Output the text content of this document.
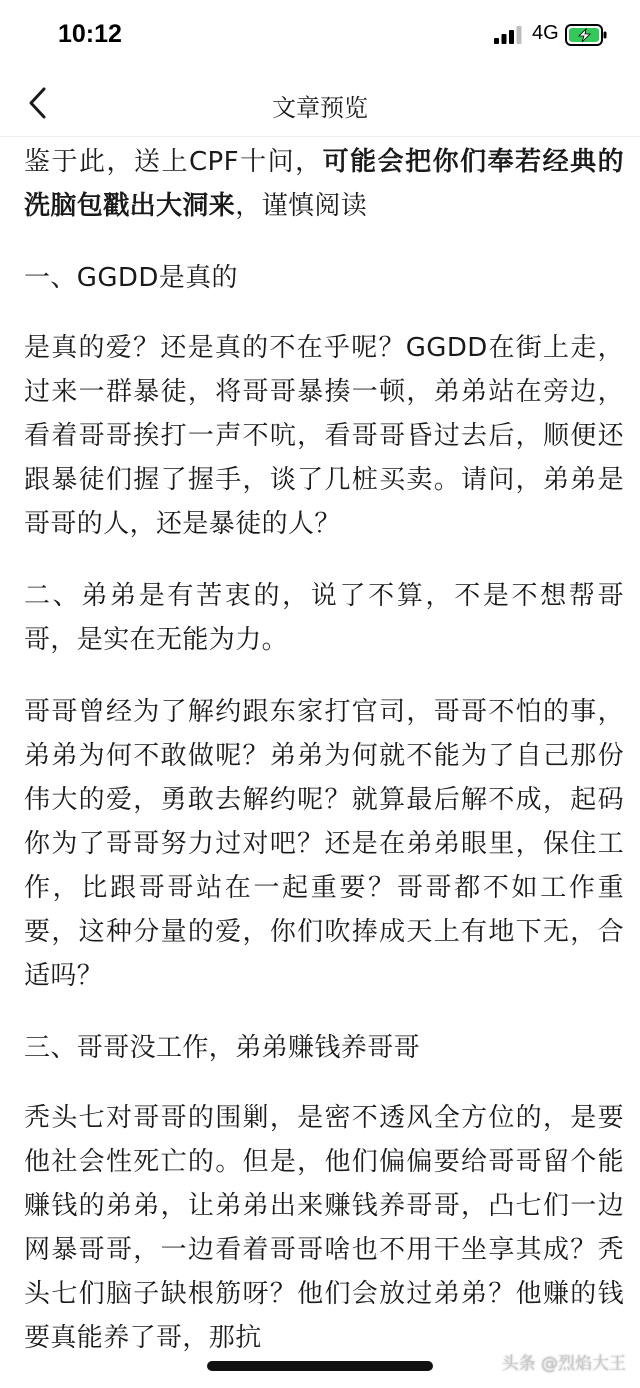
10:12	4G
文章预览

鉴于此，送上CPF十问，可能会把你们奉若经典的洗脑包戳出大洞来，谨慎阅读

一、GGDD是真的

是真的爱？还是真的不在乎呢？GGDD在街上走，过来一群暴徒，将哥哥暴揍一顿，弟弟站在旁边，看着哥哥挨打一声不吭，看哥哥昏过去后，顺便还跟暴徒们握了握手，谈了几桩买卖。请问，弟弟是哥哥的人，还是暴徒的人？

二、弟弟是有苦衷的，说了不算，不是不想帮哥哥，是实在无能为力。

哥哥曾经为了解约跟东家打官司，哥哥不怕的事，弟弟为何不敢做呢？弟弟为何就不能为了自己那份伟大的爱，勇敢去解约呢？就算最后解不成，起码你为了哥哥努力过对吧？还是在弟弟眼里，保住工作，比跟哥哥站在一起重要？哥哥都不如工作重要，这种分量的爱，你们吹捧成天上有地下无，合适吗？

三、哥哥没工作，弟弟赚钱养哥哥

秃头七对哥哥的围剿，是密不透风全方位的，是要他社会性死亡的。但是，他们偏偏要给哥哥留个能赚钱的弟弟，让弟弟出来赚钱养哥哥，凸七们一边网暴哥哥，一边看着哥哥啥也不用干坐享其成？秃头七们脑子缺根筋呀？他们会放过弟弟？他赚的钱要真能养了哥，那抗

头条 @烈焰大王
